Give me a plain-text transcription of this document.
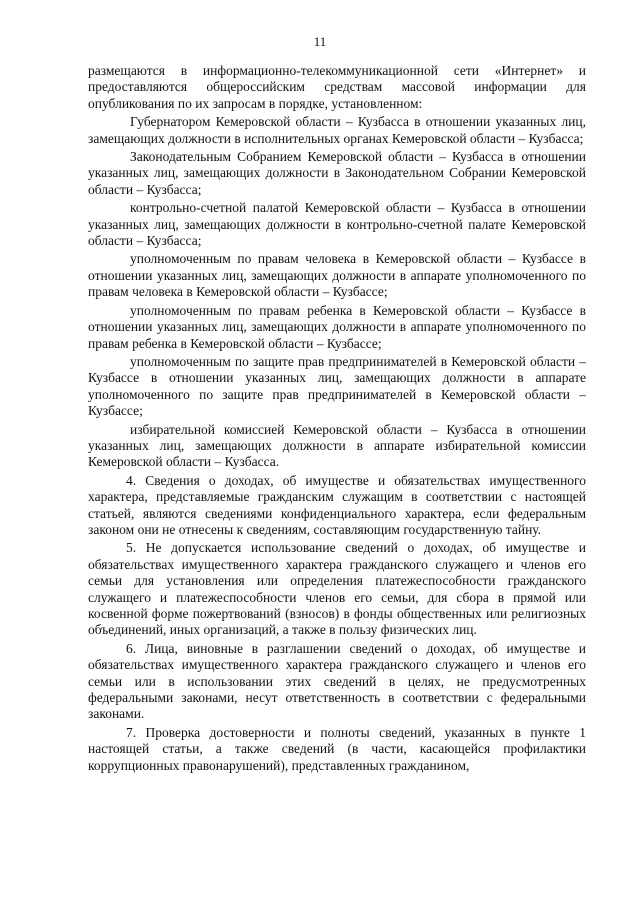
11

размещаются в информационно-телекоммуникационной сети «Интернет» и предоставляются общероссийским средствам массовой информации для опубликования по их запросам в порядке, установленном:

Губернатором Кемеровской области – Кузбасса в отношении указанных лиц, замещающих должности в исполнительных органах Кемеровской области – Кузбасса;

Законодательным Собранием Кемеровской области – Кузбасса в отношении указанных лиц, замещающих должности в Законодательном Собрании Кемеровской области – Кузбасса;

контрольно-счетной палатой Кемеровской области – Кузбасса в отношении указанных лиц, замещающих должности в контрольно-счетной палате Кемеровской области – Кузбасса;

уполномоченным по правам человека в Кемеровской области – Кузбассе в отношении указанных лиц, замещающих должности в аппарате уполномоченного по правам человека в Кемеровской области – Кузбассе;

уполномоченным по правам ребенка в Кемеровской области – Кузбассе в отношении указанных лиц, замещающих должности в аппарате уполномоченного по правам ребенка в Кемеровской области – Кузбассе;

уполномоченным по защите прав предпринимателей в Кемеровской области – Кузбассе в отношении указанных лиц, замещающих должности в аппарате уполномоченного по защите прав предпринимателей в Кемеровской области – Кузбассе;

избирательной комиссией Кемеровской области – Кузбасса в отношении указанных лиц, замещающих должности в аппарате избирательной комиссии Кемеровской области – Кузбасса.

4. Сведения о доходах, об имуществе и обязательствах имущественного характера, представляемые гражданским служащим в соответствии с настоящей статьей, являются сведениями конфиденциального характера, если федеральным законом они не отнесены к сведениям, составляющим государственную тайну.

5. Не допускается использование сведений о доходах, об имуществе и обязательствах имущественного характера гражданского служащего и членов его семьи для установления или определения платежеспособности гражданского служащего и платежеспособности членов его семьи, для сбора в прямой или косвенной форме пожертвований (взносов) в фонды общественных или религиозных объединений, иных организаций, а также в пользу физических лиц.

6. Лица, виновные в разглашении сведений о доходах, об имуществе и обязательствах имущественного характера гражданского служащего и членов его семьи или в использовании этих сведений в целях, не предусмотренных федеральными законами, несут ответственность в соответствии с федеральными законами.

7. Проверка достоверности и полноты сведений, указанных в пункте 1 настоящей статьи, а также сведений (в части, касающейся профилактики коррупционных правонарушений), представленных гражданином,
